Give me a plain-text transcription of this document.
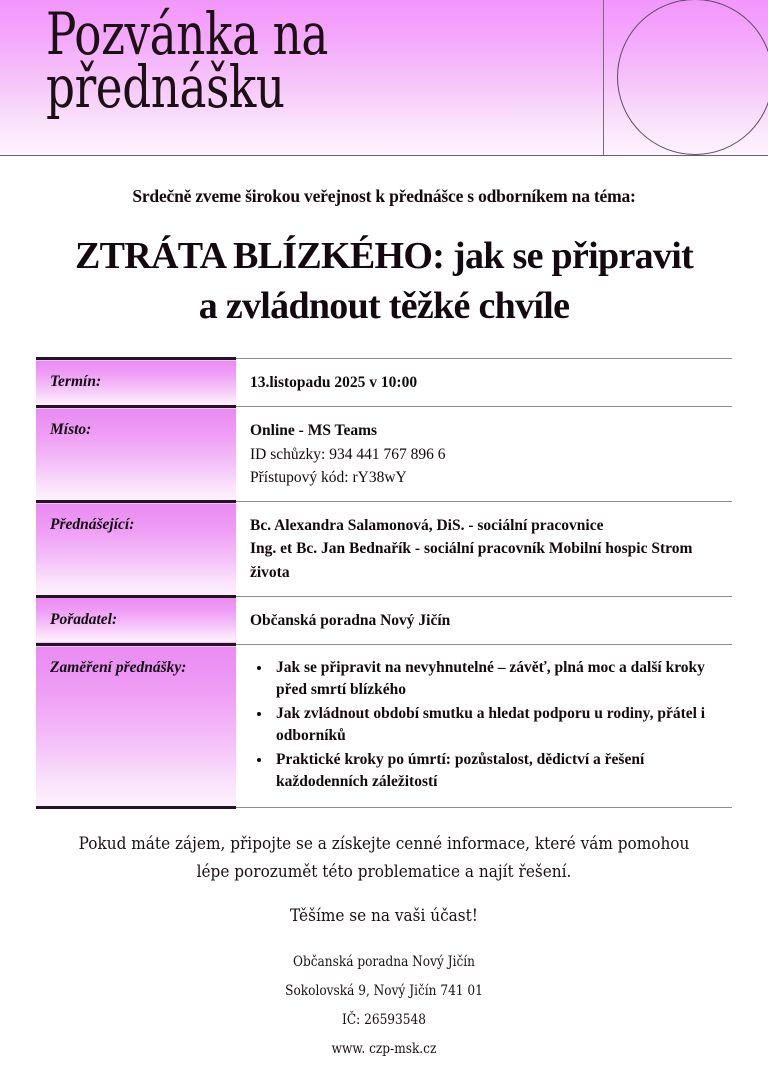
Pozvánka na
přednášku
Srdečně zveme širokou veřejnost k přednášce s odborníkem na téma:
ZTRÁTA BLÍZKÉHO: jak se připravit
a zvládnout těžké chvíle
Termín:	13.listopadu 2025 v 10:00

Místo:	Online - MS Teams
ID schůzky: 934 441 767 896 6
Přístupový kód: rY38wY

Přednášející:	Bc. Alexandra Salamonová, DiS. - sociální pracovnice
Ing. et Bc. Jan Bednařík - sociální pracovník Mobilní hospic Strom života

Pořadatel:	Občanská poradna Nový Jičín

Zaměření přednášky:	
•Jak se připravit na nevyhnutelné – závěť, plná moc a další kroky před smrtí blízkého
• Jak zvládnout období smutku a hledat podporu u rodiny, přátel i odborníků
• Praktické kroky po úmrtí: pozůstalost, dědictví a řešení každodenních záležitostí

Pokud máte zájem, připojte se a získejte cenné informace, které vám pomohou lépe porozumět této problematice a najít řešení.
Těšíme se na vaši účast!
Občanská poradna Nový Jičín
Sokolovská 9, Nový Jičín 741 01
IČ: 26593548
www. czp-msk.cz
